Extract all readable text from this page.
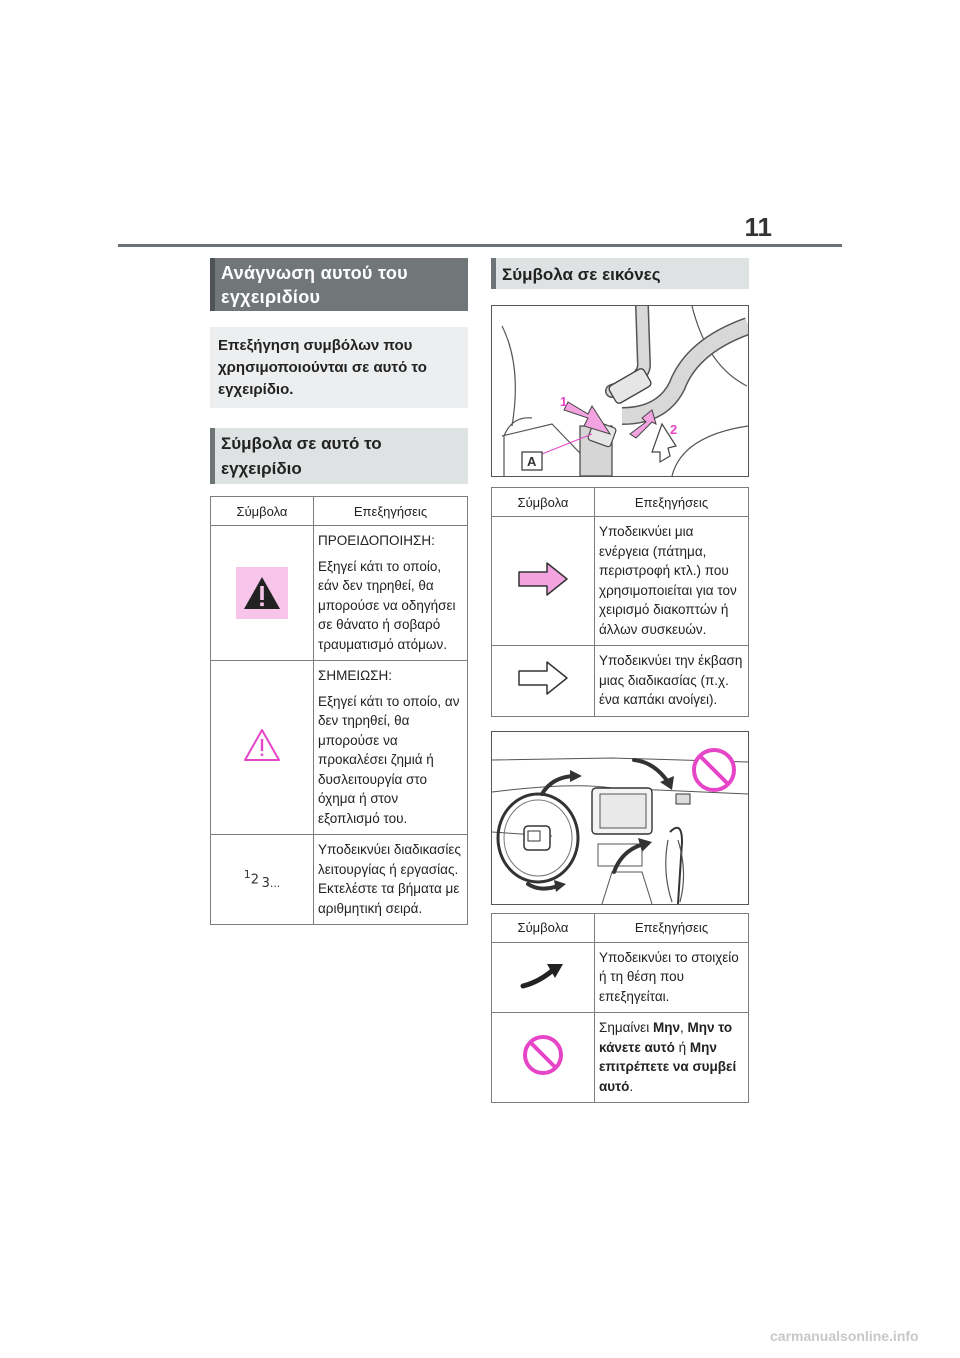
11
Ανάγνωση αυτού του εγχειριδίου
Επεξήγηση συμβόλων που χρησιμοποιούνται σε αυτό το εγχειρίδιο.
Σύμβολα σε αυτό το εγχειρίδιο
Σύμβολα	Επεξηγήσεις

ΠΡΟΕΙΔΟΠΟΙΗΣΗ:

Εξηγεί κάτι το οποίο, εάν δεν τηρηθεί, θα μπορούσε να οδηγήσει σε θάνατο ή σοβαρό τραυματισμό ατόμων.

ΣΗΜΕΙΩΣΗ:

Εξηγεί κάτι το οποίο, αν δεν τηρηθεί, θα μπορούσε να προκαλέσει ζημιά ή δυσλειτουργία στο όχημα ή στον εξοπλισμό του.

$^1$2  $_{3...}$	Υποδεικνύει διαδικασίες λειτουργίας ή εργασίας. Εκτελέστε τα βήματα με αριθμητική σειρά.

Σύμβολα σε εικόνες
1
2
A
Σύμβολα	Επεξηγήσεις

Υποδεικνύει μια ενέργεια (πάτημα, περιστροφή κτλ.) που χρησιμοποιείται για τον χειρισμό διακοπτών ή άλλων συσκευών.

Υποδεικνύει την έκβαση μιας διαδικασίας (π.χ. ένα καπάκι ανοίγει).

Σύμβολα	Επεξηγήσεις

Υποδεικνύει το στοιχείο ή τη θέση που επεξηγείται.

Σημαίνει Μην, Μην το κάνετε αυτό ή Μην επιτρέπετε να συμβεί αυτό.

carmanualsonline.info
